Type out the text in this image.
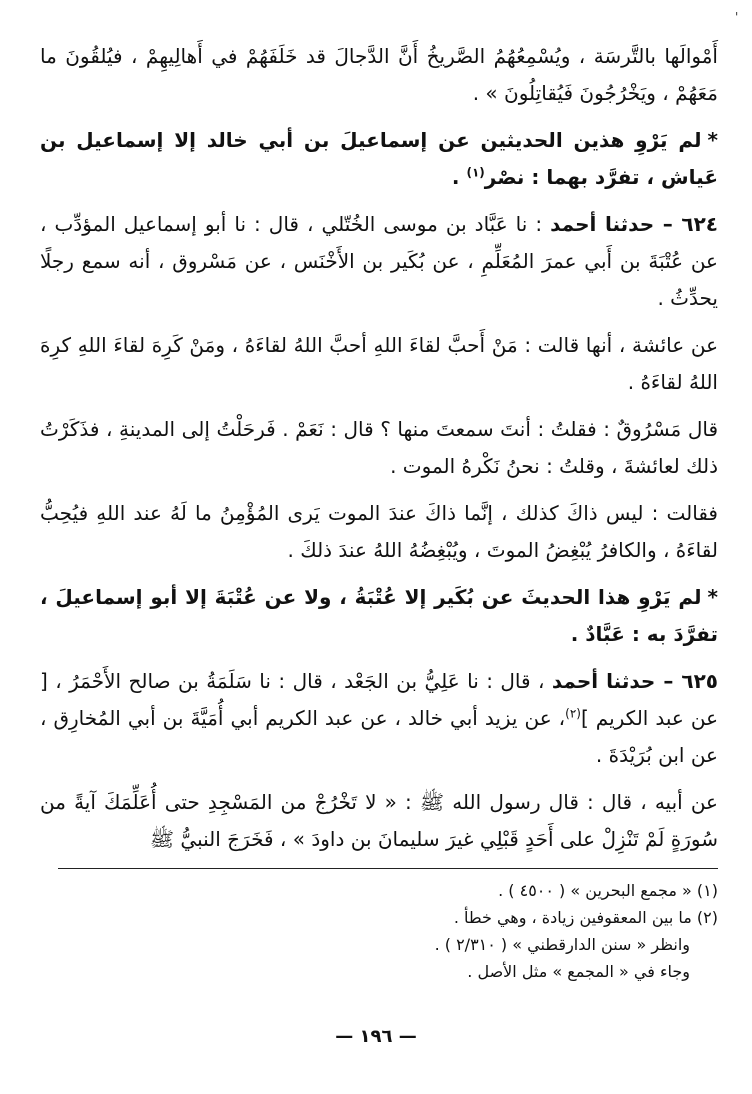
'

أَمْوالَها بالتَّرسَة ، ويُسْمِعُهُمُ الصَّريخُ أَنَّ الدَّجالَ قد خَلَفَهُمْ في أَهالِيهِمْ ، فيُلقُونَ ما مَعَهُمْ ، ويَخْرُجُونَ فَيُقاتِلُونَ » .

*لم يَرْوِ هذين الحديثين عن إسماعيلَ بن أبي خالد إلا إسماعيل بن عَياش ، تفرَّد بهما : نصْر$^{(١)}$ .

٦٢٤ – حدثنا أحمد : نا عَبَّاد بن موسى الخُتّلي ، قال : نا أبو إسماعيل المؤدِّب ، عن عُتْبَةَ بن أَبي عمرَ المُعَلِّمِ ، عن بُكَير بن الأَخْنَس ، عن مَسْروق ، أنه سمع رجلًا يحدِّثُ .

عن عائشة ، أنها قالت : مَنْ أَحبَّ لقاءَ اللهِ أحبَّ اللهُ لقاءَهُ ، ومَنْ كَرِهَ لقاءَ اللهِ كرِهَ اللهُ لقاءَهُ .

قال مَسْرُوقٌ : فقلتُ : أنتَ سمعتَ منها ؟ قال : نَعَمْ . فَرحَلْتُ إلى المدينةِ ، فذَكَرْتُ ذلك لعائشةَ ، وقلتُ : نحنُ نَكْرهُ الموت .

فقالت : ليس ذاكَ كذلك ، إنَّما ذاكَ عندَ الموت يَرى المُؤْمِنُ ما لَهُ عند اللهِ فيُحِبُّ لقاءَهُ ، والكافرُ يُبْغِضُ الموتَ ، ويُبْغِضُهُ اللهُ عندَ ذلكَ .

*لم يَرْوِ هذا الحديثَ عن بُكَير إلا عُتْبَةُ ، ولا عن عُتْبَةَ إلا أبو إسماعيلَ ، تفرَّدَ به : عَبَّادٌ .

٦٢٥ – حدثنا أحمد ، قال : نا عَلِيُّ بن الجَعْد ، قال : نا سَلَمَةُ بن صالح الأَحْمَرُ ، [ عن عبد الكريم ]$^{(٢)}$، عن يزيد أبي خالد ، عن عبد الكريم أبي أُمَيَّةَ بن أبي المُخارِق ، عن ابن بُرَيْدَةَ .

عن أبيه ، قال : قال رسول الله ﷺ : « لا تَخْرُجْ من المَسْجِدِ حتى أُعَلِّمَكَ آيةً من سُورَةٍ لَمْ تَنْزِلْ على أَحَدٍ قَبْلِي غيرَ سليمانَ بن داودَ » ، فَخَرَجَ النبيُّ ﷺ

(١) « مجمع البحرين » ( ٤٥٠٠ ) .

(٢) ما بين المعقوفين زيادة ، وهي خطأ .

وانظر « سنن الدارقطني » ( ٢/٣١٠ ) .

وجاء في « المجمع » مثل الأصل .

— ١٩٦ —
